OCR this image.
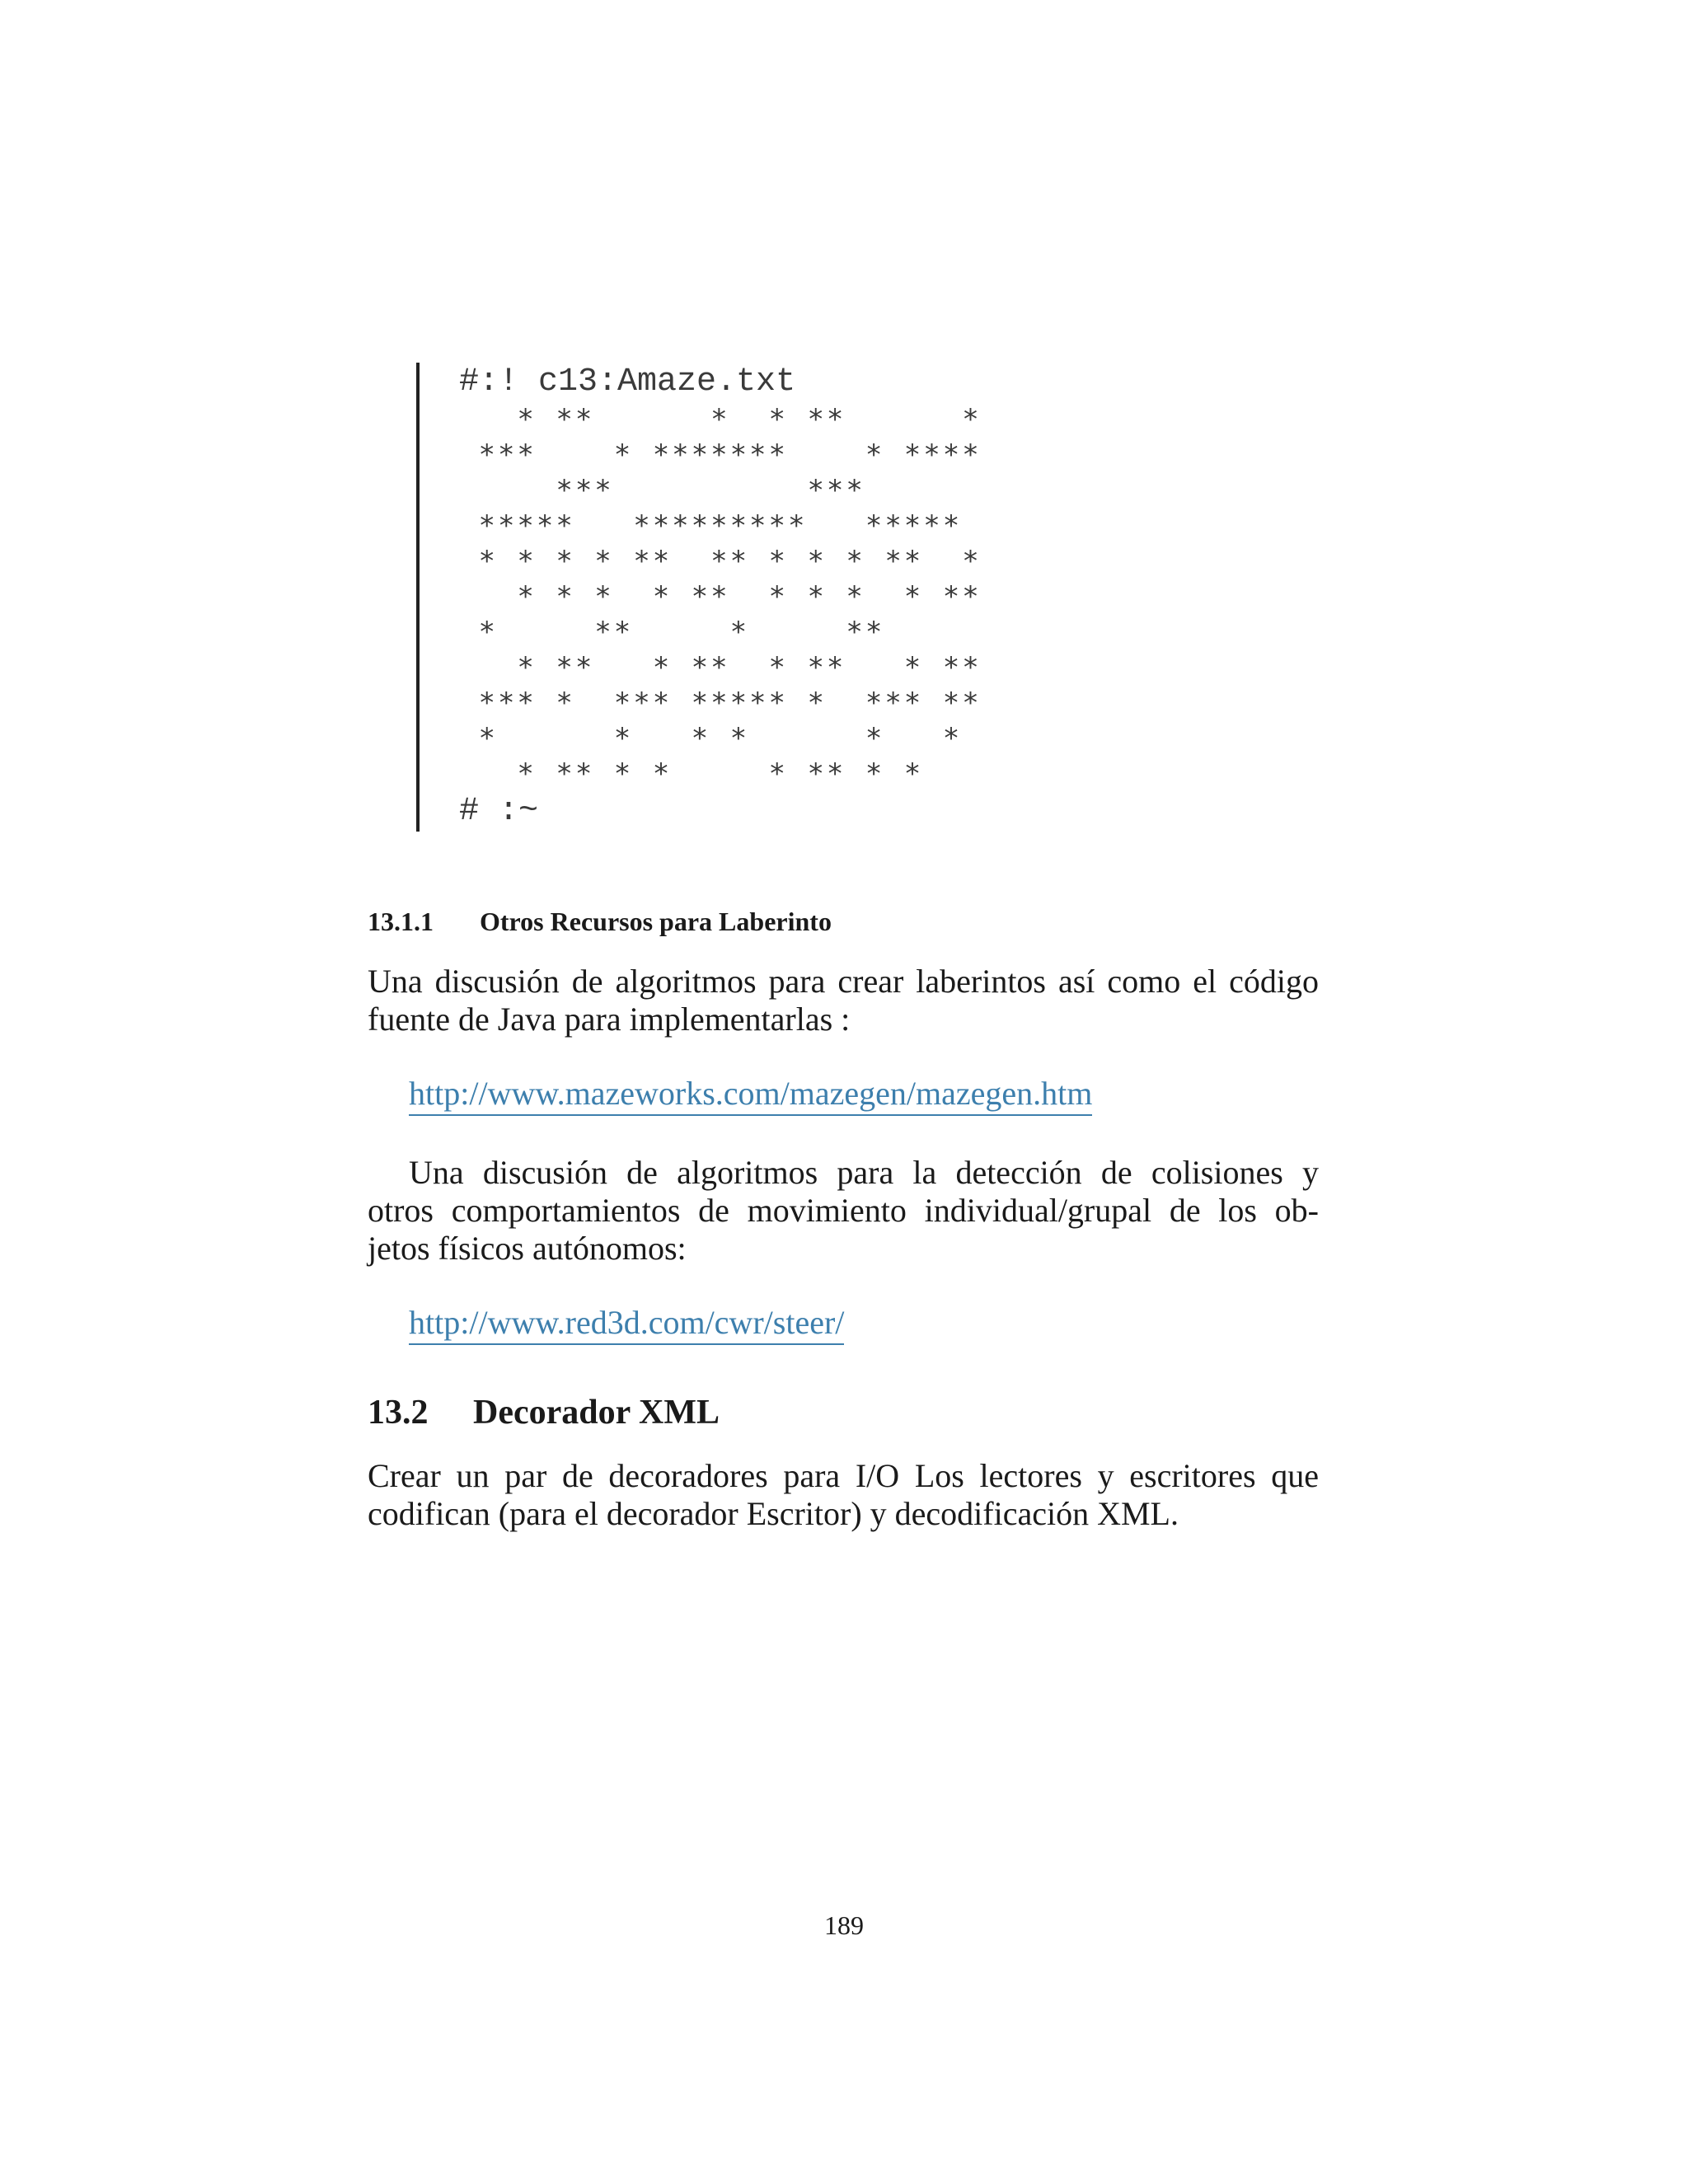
#:! c13:Amaze.txt
* **      *  * **      *
***    * *******    * ****
***          ***
*****   *********   *****
* * * * **  ** * * * **  *
* * *  * **  * * *  * **
*     **     *     **
* **   * **  * **   * **
*** *  *** ***** *  *** **
*      *   * *      *   *
* ** * *     * ** * *
# :~
13.1.1 Otros Recursos para Laberinto
Una discusión de algoritmos para crear laberintos así como el código
fuente de Java para implementarlas :
http://www.mazeworks.com/mazegen/mazegen.htm
Una discusión de algoritmos para la detección de colisiones y
otros comportamientos de movimiento individual/grupal de los ob-
jetos físicos autónomos:
http://www.red3d.com/cwr/steer/
13.2 Decorador XML
Crear un par de decoradores para I/O Los lectores y escritores que
codifican (para el decorador Escritor) y decodificación XML.
189
